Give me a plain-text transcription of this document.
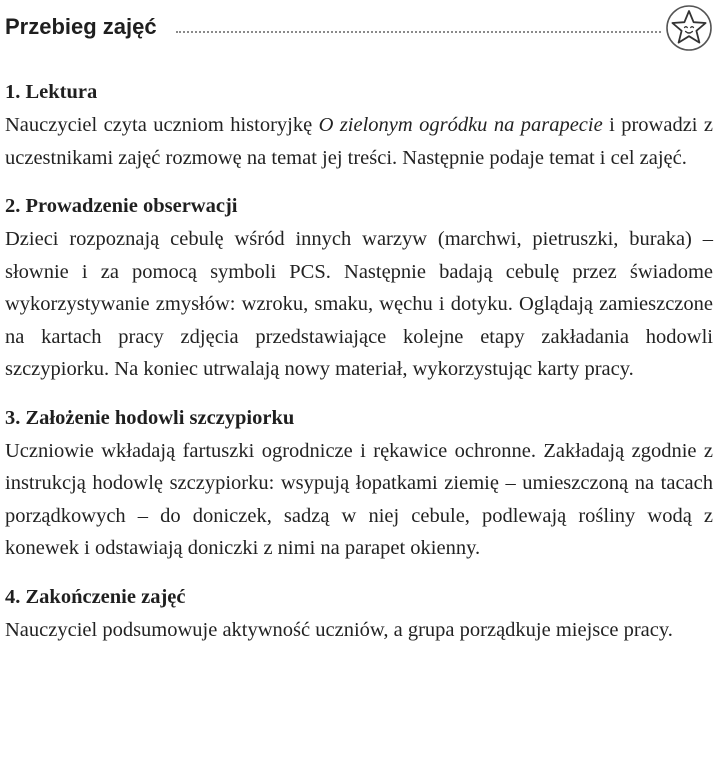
Przebieg zajęć
1. Lektura

Nauczyciel czyta uczniom historyjkę O zielonym ogródku na parapecie i prowadzi z uczestnikami zajęć rozmowę na temat jej treści. Następnie podaje temat i cel zajęć.

2. Prowadzenie obserwacji

Dzieci rozpoznają cebulę wśród innych warzyw (marchwi, pietruszki, buraka) – słownie i za pomocą symboli PCS. Następnie badają cebulę przez świadome wykorzystywanie zmysłów: wzroku, smaku, węchu i dotyku. Oglądają zamieszczone na kartach pracy zdjęcia przedstawiające kolejne etapy zakładania hodowli szczypiorku. Na koniec utrwalają nowy materiał, wykorzystując karty pracy.

3. Założenie hodowli szczypiorku

Uczniowie wkładają fartuszki ogrodnicze i rękawice ochronne. Zakładają zgodnie z instrukcją hodowlę szczypiorku: wsypują łopatkami ziemię – umieszczoną na tacach porządkowych – do doniczek, sadzą w niej cebule, podlewają rośliny wodą z konewek i odstawiają doniczki z nimi na parapet okienny.

4. Zakończenie zajęć

Nauczyciel podsumowuje aktywność uczniów, a grupa porządkuje miejsce pracy.
